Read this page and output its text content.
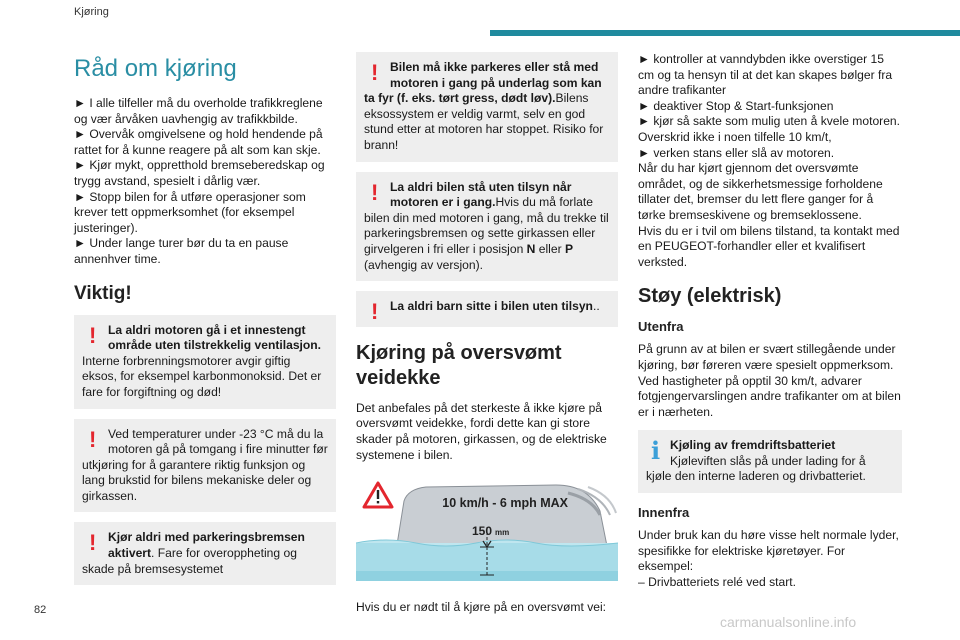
Kjøring
Råd om kjøring

► I alle tilfeller må du overholde trafikkreglene og vær årvåken uavhengig av trafikkbilde.

► Overvåk omgivelsene og hold hendende på rattet for å kunne reagere på alt som kan skje.

► Kjør mykt, oppretthold bremseberedskap og trygg avstand, spesielt i dårlig vær.

► Stopp bilen for å utføre operasjoner som krever tett oppmerksomhet (for eksempel justeringer).

► Under lange turer bør du ta en pause annenhver time.

Viktig!
! La aldri motoren gå i et innestengt område uten tilstrekkelig ventilasjon. Interne forbrenningsmotorer avgir giftig eksos, for eksempel karbonmonoksid. Det er fare for forgiftning og død!
! Ved temperaturer under -23 °C må du la motoren gå på tomgang i fire minutter før utkjøring for å garantere riktig funksjon og lang brukstid for bilens mekaniske deler og girkassen.
! Kjør aldri med parkeringsbremsen aktivert. Fare for overoppheting og skade på bremsesystemet
! Bilen må ikke parkeres eller stå med motoren i gang på underlag som kan ta fyr (f. eks. tørt gress, dødt løv).Bilens eksossystem er veldig varmt, selv en god stund etter at motoren har stoppet. Risiko for brann!
! La aldri bilen stå uten tilsyn når motoren er i gang.Hvis du må forlate bilen din med motoren i gang, må du trekke til parkeringsbremsen og sette girkassen eller girvelgeren i fri eller i posisjon N eller P (avhengig av versjon).
! La aldri barn sitte i bilen uten tilsyn..
Kjøring på oversvømt veidekke

Det anbefales på det sterkeste å ikke kjøre på oversvømt veidekke, fordi dette kan gi store skader på motoren, girkassen, og de elektriske systemene i bilen.

10 km/h - 6 mph MAX
150 mm

Hvis du er nødt til å kjøre på en oversvømt vei:

► kontroller at vanndybden ikke overstiger 15 cm og ta hensyn til at det kan skapes bølger fra andre trafikanter

► deaktiver Stop & Start-funksjonen

► kjør så sakte som mulig uten å kvele motoren. Overskrid ikke i noen tilfelle 10 km/t,

► verken stans eller slå av motoren.

Når du har kjørt gjennom det oversvømte området, og de sikkerhetsmessige forholdene tillater det, bremser du lett flere ganger for å tørke bremseskivene og bremseklossene.

Hvis du er i tvil om bilens tilstand, ta kontakt med en PEUGEOT-forhandler eller et kvalifisert verksted.

Støy (elektrisk)
Utenfra

På grunn av at bilen er svært stillegående under kjøring, bør føreren være spesielt oppmerksom. Ved hastigheter på opptil 30 km/t, advarer fotgjengervarslingen andre trafikanter om at bilen er i nærheten.

i Kjøling av fremdriftsbatteriet
Kjøleviften slås på under lading for å kjøle den interne laderen og drivbatteriet.
Innenfra

Under bruk kan du høre visse helt normale lyder, spesifikke for elektriske kjøretøyer. For eksempel:

– Drivbatteriets relé ved start.

82
carmanualsonline.info
